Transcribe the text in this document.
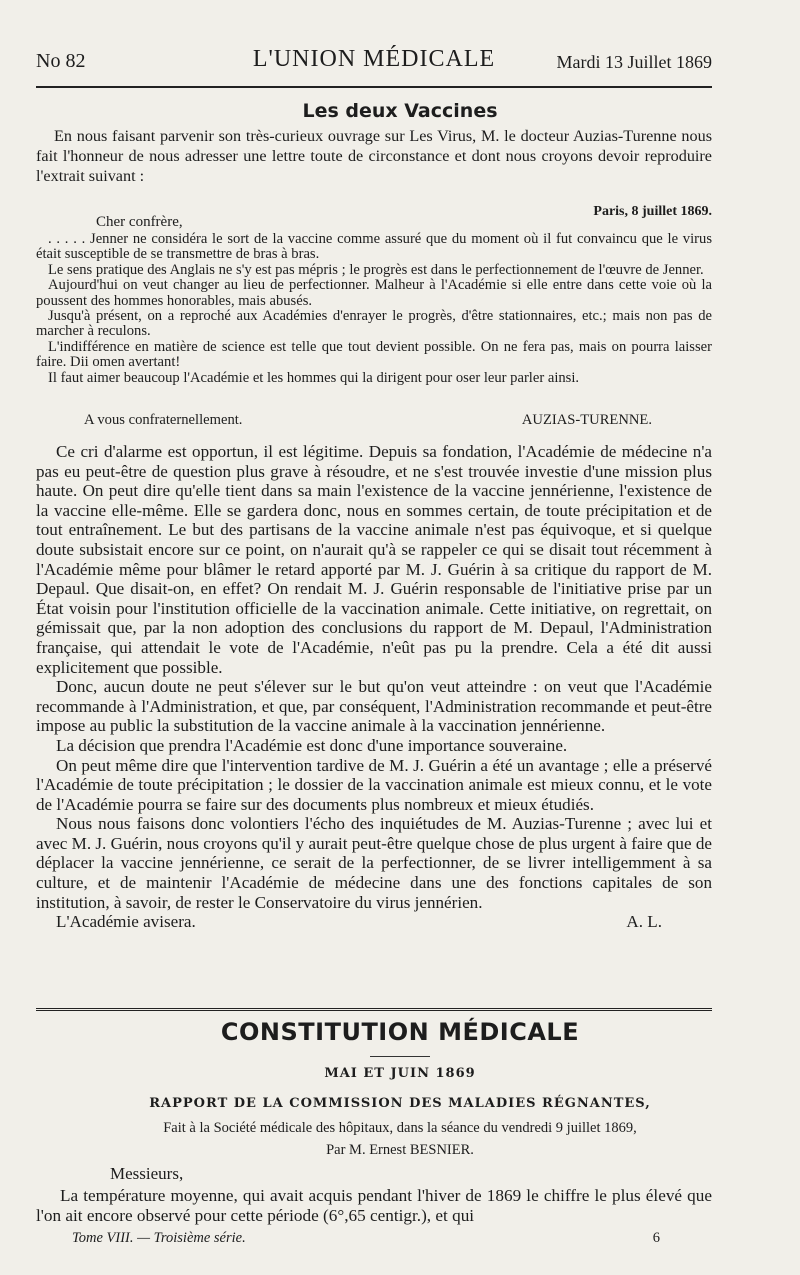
No 82	L'UNION MÉDICALE	Mardi 13 Juillet 1869
Les deux Vaccines

En nous faisant parvenir son très-curieux ouvrage sur Les Virus, M. le docteur Auzias-Turenne nous fait l'honneur de nous adresser une lettre toute de circonstance et dont nous croyons devoir reproduire l'extrait suivant :

Paris, 8 juillet 1869.
Cher confrère,

. . . . . Jenner ne considéra le sort de la vaccine comme assuré que du moment où il fut convaincu que le virus était susceptible de se transmettre de bras à bras.

Le sens pratique des Anglais ne s'y est pas mépris ; le progrès est dans le perfectionnement de l'œuvre de Jenner.

Aujourd'hui on veut changer au lieu de perfectionner. Malheur à l'Académie si elle entre dans cette voie où la poussent des hommes honorables, mais abusés.

Jusqu'à présent, on a reproché aux Académies d'enrayer le progrès, d'être stationnaires, etc.; mais non pas de marcher à reculons.

L'indifférence en matière de science est telle que tout devient possible. On ne fera pas, mais on pourra laisser faire. Dii omen avertant!

Il faut aimer beaucoup l'Académie et les hommes qui la dirigent pour oser leur parler ainsi.

A vous confraternellement.	AUZIAS-TURENNE.

Ce cri d'alarme est opportun, il est légitime. Depuis sa fondation, l'Académie de médecine n'a pas eu peut-être de question plus grave à résoudre, et ne s'est trouvée investie d'une mission plus haute. On peut dire qu'elle tient dans sa main l'existence de la vaccine jennérienne, l'existence de la vaccine elle-même. Elle se gardera donc, nous en sommes certain, de toute précipitation et de tout entraînement. Le but des partisans de la vaccine animale n'est pas équivoque, et si quelque doute subsistait encore sur ce point, on n'aurait qu'à se rappeler ce qui se disait tout récemment à l'Académie même pour blâmer le retard apporté par M. J. Guérin à sa critique du rapport de M. Depaul. Que disait-on, en effet? On rendait M. J. Guérin responsable de l'initiative prise par un État voisin pour l'institution officielle de la vaccination animale. Cette initiative, on regrettait, on gémissait que, par la non adoption des conclusions du rapport de M. Depaul, l'Administration française, qui attendait le vote de l'Académie, n'eût pas pu la prendre. Cela a été dit aussi explicitement que possible.

Donc, aucun doute ne peut s'élever sur le but qu'on veut atteindre : on veut que l'Académie recommande à l'Administration, et que, par conséquent, l'Administration recommande et peut-être impose au public la substitution de la vaccine animale à la vaccination jennérienne.

La décision que prendra l'Académie est donc d'une importance souveraine.

On peut même dire que l'intervention tardive de M. J. Guérin a été un avantage ; elle a préservé l'Académie de toute précipitation ; le dossier de la vaccination animale est mieux connu, et le vote de l'Académie pourra se faire sur des documents plus nombreux et mieux étudiés.

Nous nous faisons donc volontiers l'écho des inquiétudes de M. Auzias-Turenne ; avec lui et avec M. J. Guérin, nous croyons qu'il y aurait peut-être quelque chose de plus urgent à faire que de déplacer la vaccine jennérienne, ce serait de la perfectionner, de se livrer intelligemment à sa culture, et de maintenir l'Académie de médecine dans une des fonctions capitales de son institution, à savoir, de rester le Conservatoire du virus jennérien.

L'Académie avisera.	A. L.
CONSTITUTION MÉDICALE
MAI ET JUIN 1869
RAPPORT DE LA COMMISSION DES MALADIES RÉGNANTES,
Fait à la Société médicale des hôpitaux, dans la séance du vendredi 9 juillet 1869,
Par M. Ernest BESNIER.
Messieurs,

La température moyenne, qui avait acquis pendant l'hiver de 1869 le chiffre le plus élevé que l'on ait encore observé pour cette période (6°,65 centigr.), et qui

Tome VIII. — Troisième série.	6
